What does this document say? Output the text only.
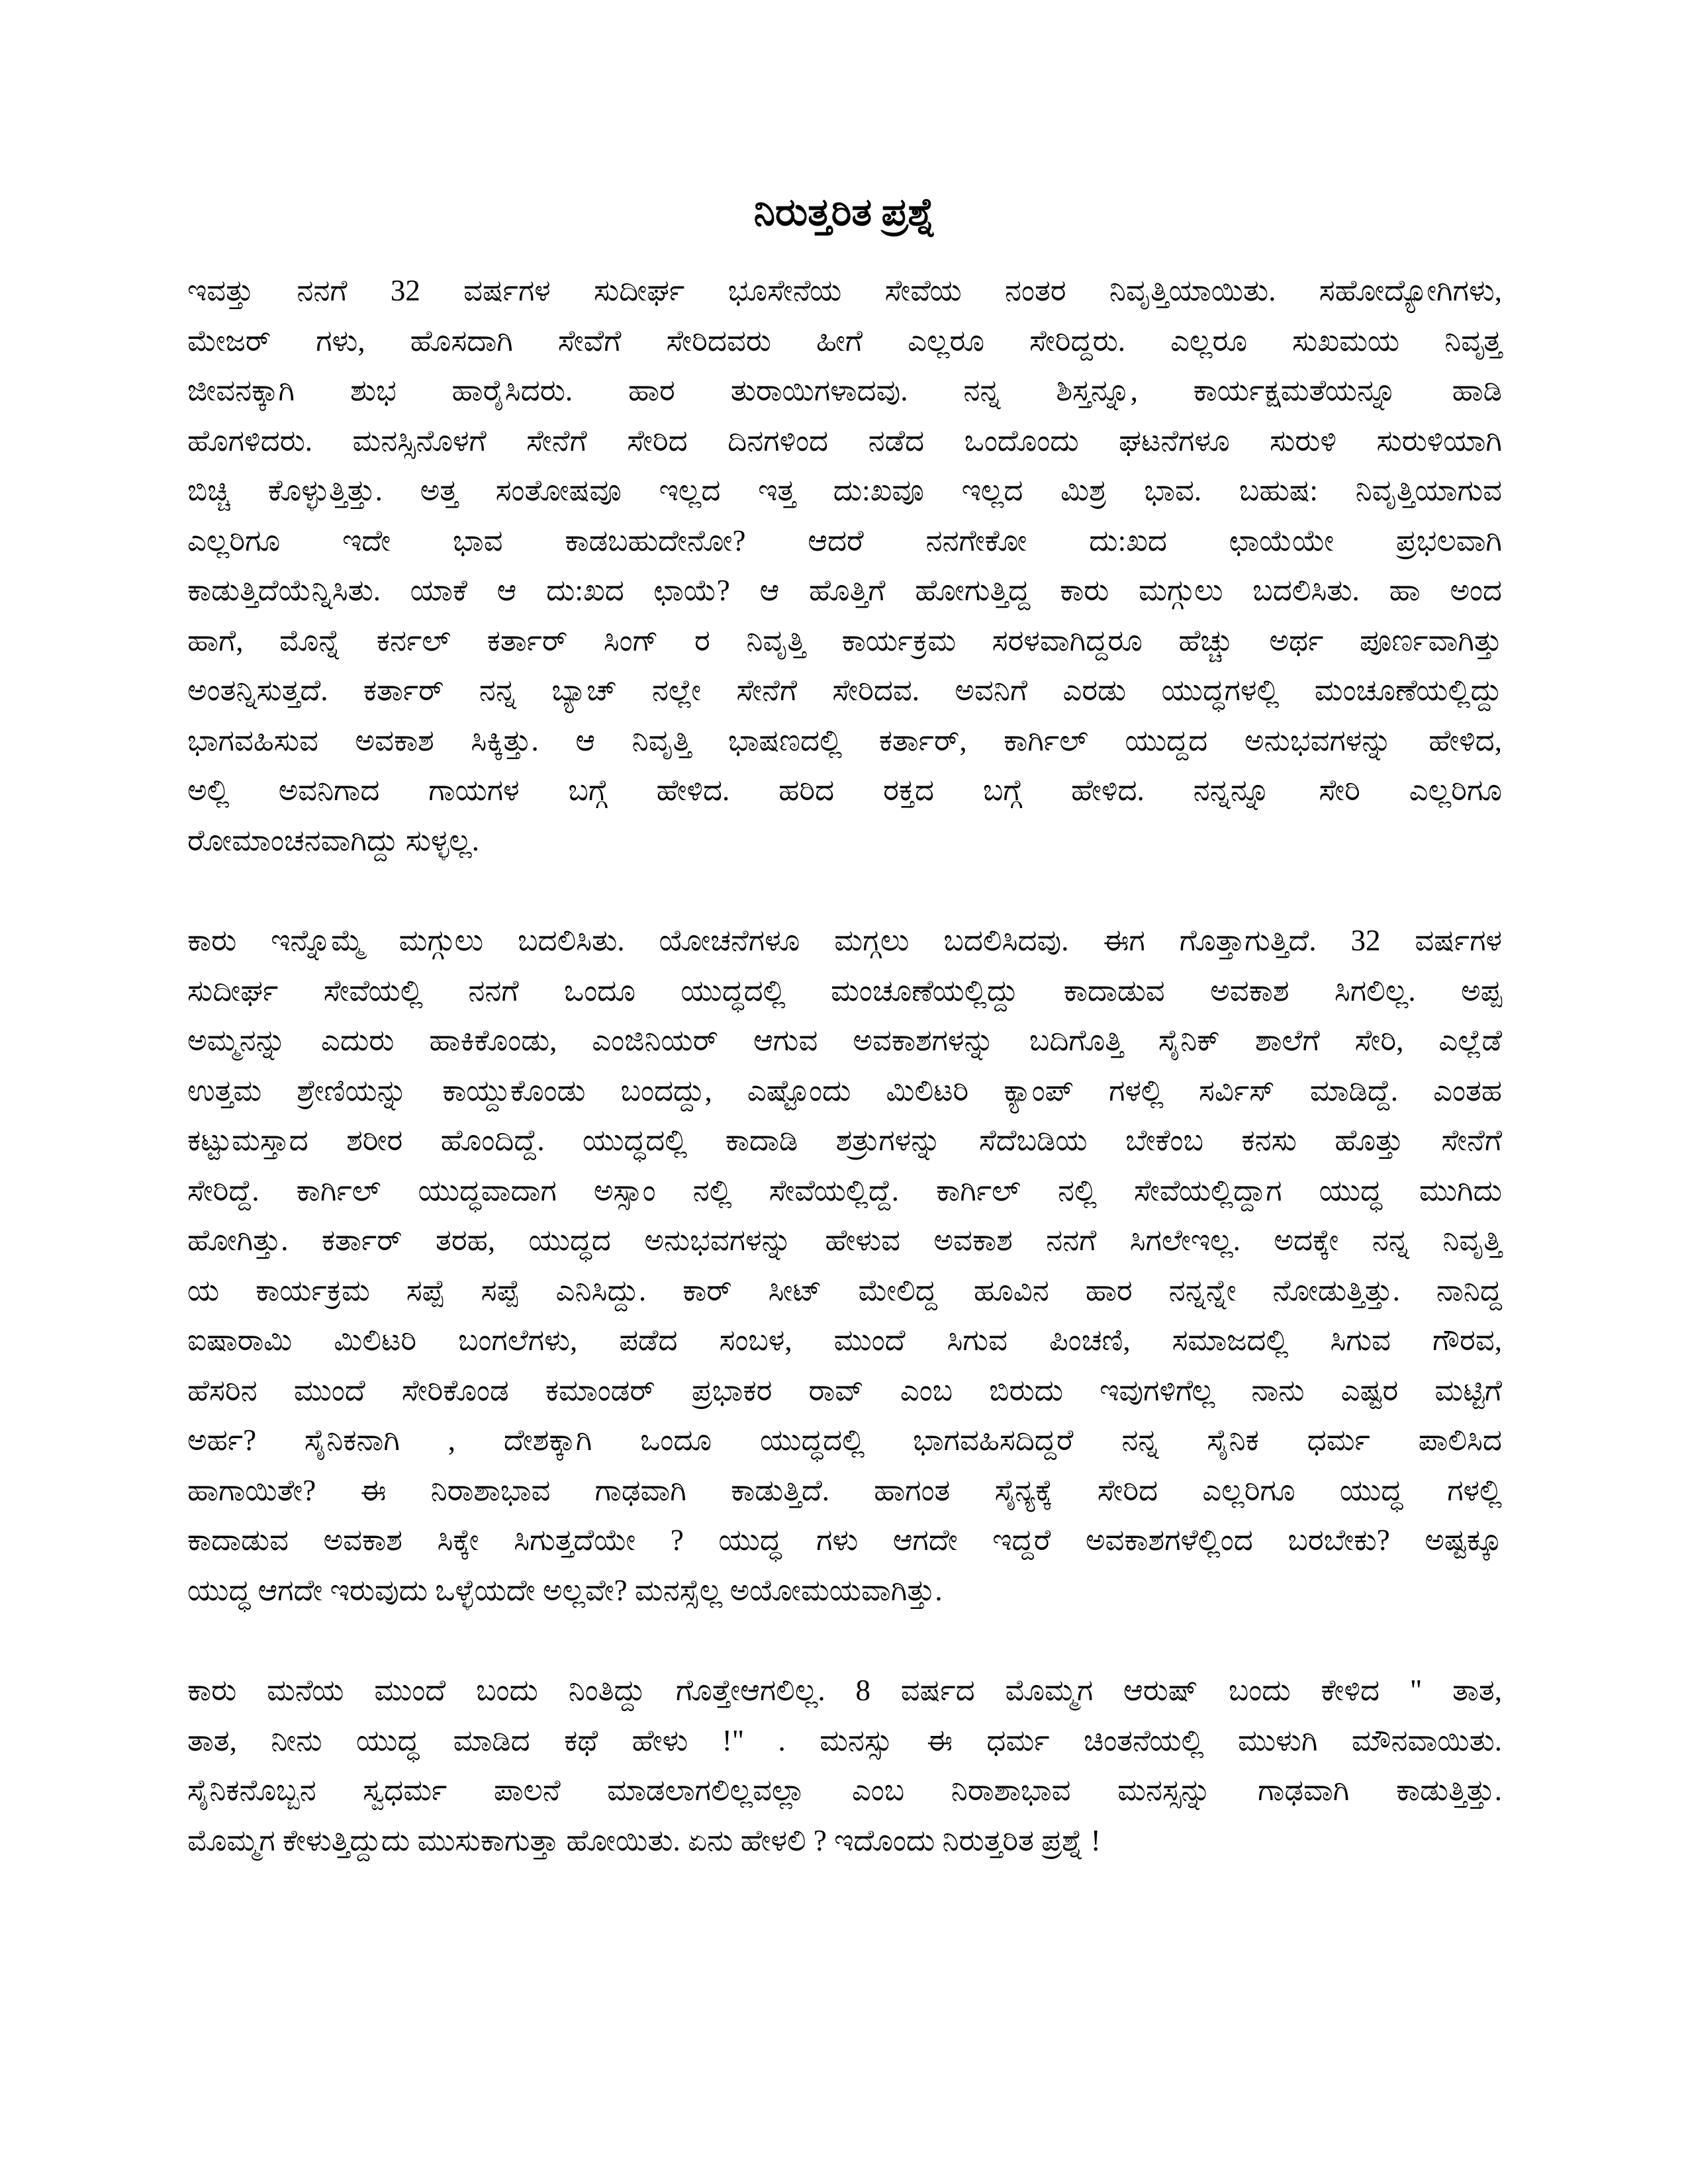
ನಿರುತ್ತರಿತ ಪ್ರಶ್ನೆ
ಇವತ್ತು ನನಗೆ 32 ವರ್ಷಗಳ ಸುದೀರ್ಘ ಭೂಸೇನೆಯ ಸೇವೆಯ ನಂತರ ನಿವೃತ್ತಿಯಾಯಿತು. ಸಹೋದ್ಯೋಗಿಗಳು,
ಮೇಜರ್ ಗಳು, ಹೊಸದಾಗಿ ಸೇವೆಗೆ ಸೇರಿದವರು ಹೀಗೆ ಎಲ್ಲರೂ ಸೇರಿದ್ದರು. ಎಲ್ಲರೂ ಸುಖಮಯ ನಿವೃತ್ತ
ಜೀವನಕ್ಕಾಗಿ ಶುಭ ಹಾರೈಸಿದರು. ಹಾರ ತುರಾಯಿಗಳಾದವು. ನನ್ನ ಶಿಸ್ತನ್ನೂ, ಕಾರ್ಯಕ್ಷಮತೆಯನ್ನೂ ಹಾಡಿ
ಹೊಗಳಿದರು. ಮನಸ್ಸಿನೊಳಗೆ ಸೇನೆಗೆ ಸೇರಿದ ದಿನಗಳಿಂದ ನಡೆದ ಒಂದೊಂದು ಘಟನೆಗಳೂ ಸುರುಳಿ ಸುರುಳಿಯಾಗಿ
ಬಿಚ್ಚಿ ಕೊಳ್ಳುತ್ತಿತ್ತು. ಅತ್ತ ಸಂತೋಷವೂ ಇಲ್ಲದ ಇತ್ತ ದು:ಖವೂ ಇಲ್ಲದ ಮಿಶ್ರ ಭಾವ. ಬಹುಷ: ನಿವೃತ್ತಿಯಾಗುವ
ಎಲ್ಲರಿಗೂ ಇದೇ ಭಾವ ಕಾಡಬಹುದೇನೋ? ಆದರೆ ನನಗೇಕೋ ದು:ಖದ ಛಾಯೆಯೇ ಪ್ರಭಲವಾಗಿ
ಕಾಡುತ್ತಿದೆಯೆನ್ನಿಸಿತು. ಯಾಕೆ ಆ ದು:ಖದ ಛಾಯೆ? ಆ ಹೊತ್ತಿಗೆ ಹೋಗುತ್ತಿದ್ದ ಕಾರು ಮಗ್ಗುಲು ಬದಲಿಸಿತು. ಹಾ ಅಂದ
ಹಾಗೆ, ಮೊನ್ನೆ ಕರ್ನಲ್ ಕರ್ತಾರ್ ಸಿಂಗ್ ರ ನಿವೃತ್ತಿ ಕಾರ್ಯಕ್ರಮ ಸರಳವಾಗಿದ್ದರೂ ಹೆಚ್ಚು ಅರ್ಥ ಪೂರ್ಣವಾಗಿತ್ತು
ಅಂತನ್ನಿಸುತ್ತದೆ. ಕರ್ತಾರ್ ನನ್ನ ಬ್ಯಾಚ್ ನಲ್ಲೇ ಸೇನೆಗೆ ಸೇರಿದವ. ಅವನಿಗೆ ಎರಡು ಯುದ್ಧಗಳಲ್ಲಿ ಮಂಚೂಣೆಯಲ್ಲಿದ್ದು
ಭಾಗವಹಿಸುವ ಅವಕಾಶ ಸಿಕ್ಕಿತ್ತು. ಆ ನಿವೃತ್ತಿ ಭಾಷಣದಲ್ಲಿ ಕರ್ತಾರ್, ಕಾರ್ಗಿಲ್ ಯುದ್ದದ ಅನುಭವಗಳನ್ನು ಹೇಳಿದ,
ಅಲ್ಲಿ ಅವನಿಗಾದ ಗಾಯಗಳ ಬಗ್ಗೆ ಹೇಳಿದ. ಹರಿದ ರಕ್ತದ ಬಗ್ಗೆ ಹೇಳಿದ. ನನ್ನನ್ನೂ ಸೇರಿ ಎಲ್ಲರಿಗೂ
ರೋಮಾಂಚನವಾಗಿದ್ದು ಸುಳ್ಳಲ್ಲ.
ಕಾರು ಇನ್ನೊಮ್ಮೆ ಮಗ್ಗುಲು ಬದಲಿಸಿತು. ಯೋಚನೆಗಳೂ ಮಗ್ಗಲು ಬದಲಿಸಿದವು. ಈಗ ಗೊತ್ತಾಗುತ್ತಿದೆ. 32 ವರ್ಷಗಳ
ಸುದೀರ್ಘ ಸೇವೆಯಲ್ಲಿ ನನಗೆ ಒಂದೂ ಯುದ್ಧದಲ್ಲಿ ಮಂಚೂಣೆಯಲ್ಲಿದ್ದು ಕಾದಾಡುವ ಅವಕಾಶ ಸಿಗಲಿಲ್ಲ. ಅಪ್ಪ
ಅಮ್ಮನನ್ನು ಎದುರು ಹಾಕಿಕೊಂಡು, ಎಂಜಿನಿಯರ್ ಆಗುವ ಅವಕಾಶಗಳನ್ನು ಬದಿಗೊತ್ತಿ ಸೈನಿಕ್ ಶಾಲೆಗೆ ಸೇರಿ, ಎಲ್ಲೆಡೆ
ಉತ್ತಮ ಶ್ರೇಣಿಯನ್ನು ಕಾಯ್ದುಕೊಂಡು ಬಂದದ್ದು, ಎಷ್ಟೊಂದು ಮಿಲಿಟರಿ ಕ್ಯಾಂಪ್ ಗಳಲ್ಲಿ ಸರ್ವಿಸ್ ಮಾಡಿದ್ದೆ. ಎಂತಹ
ಕಟ್ಟುಮಸ್ತಾದ ಶರೀರ ಹೊಂದಿದ್ದೆ. ಯುದ್ಧದಲ್ಲಿ ಕಾದಾಡಿ ಶತ್ರುಗಳನ್ನು ಸೆದೆಬಡಿಯ ಬೇಕೆಂಬ ಕನಸು ಹೊತ್ತು ಸೇನೆಗೆ
ಸೇರಿದ್ದೆ. ಕಾರ್ಗಿಲ್ ಯುದ್ಧವಾದಾಗ ಅಸ್ಸಾಂ ನಲ್ಲಿ ಸೇವೆಯಲ್ಲಿದ್ದೆ. ಕಾರ್ಗಿಲ್ ನಲ್ಲಿ ಸೇವೆಯಲ್ಲಿದ್ದಾಗ ಯುದ್ಧ ಮುಗಿದು
ಹೋಗಿತ್ತು. ಕರ್ತಾರ್ ತರಹ, ಯುದ್ಧದ ಅನುಭವಗಳನ್ನು ಹೇಳುವ ಅವಕಾಶ ನನಗೆ ಸಿಗಲೇಇಲ್ಲ. ಅದಕ್ಕೇ ನನ್ನ ನಿವೃತ್ತಿ
ಯ ಕಾರ್ಯಕ್ರಮ ಸಪ್ಪೆ ಸಪ್ಪೆ ಎನಿಸಿದ್ದು. ಕಾರ್ ಸೀಟ್ ಮೇಲಿದ್ದ ಹೂವಿನ ಹಾರ ನನ್ನನ್ನೇ ನೋಡುತ್ತಿತ್ತು. ನಾನಿದ್ದ
ಐಷಾರಾಮಿ ಮಿಲಿಟರಿ ಬಂಗಲೆಗಳು, ಪಡೆದ ಸಂಬಳ, ಮುಂದೆ ಸಿಗುವ ಪಿಂಚಣಿ, ಸಮಾಜದಲ್ಲಿ ಸಿಗುವ ಗೌರವ,
ಹೆಸರಿನ ಮುಂದೆ ಸೇರಿಕೊಂಡ ಕಮಾಂಡರ್ ಪ್ರಭಾಕರ ರಾವ್ ಎಂಬ ಬಿರುದು ಇವುಗಳಿಗೆಲ್ಲ ನಾನು ಎಷ್ಟರ ಮಟ್ಟಿಗೆ
ಅರ್ಹ? ಸೈನಿಕನಾಗಿ , ದೇಶಕ್ಕಾಗಿ ಒಂದೂ ಯುದ್ಧದಲ್ಲಿ ಭಾಗವಹಿಸದಿದ್ದರೆ ನನ್ನ ಸೈನಿಕ ಧರ್ಮ ಪಾಲಿಸಿದ
ಹಾಗಾಯಿತೇ? ಈ ನಿರಾಶಾಭಾವ ಗಾಢವಾಗಿ ಕಾಡುತ್ತಿದೆ. ಹಾಗಂತ ಸೈನ್ಯಕ್ಕೆ ಸೇರಿದ ಎಲ್ಲರಿಗೂ ಯುದ್ಧ ಗಳಲ್ಲಿ
ಕಾದಾಡುವ ಅವಕಾಶ ಸಿಕ್ಕೇ ಸಿಗುತ್ತದೆಯೇ ? ಯುದ್ಧ ಗಳು ಆಗದೇ ಇದ್ದರೆ ಅವಕಾಶಗಳೆಲ್ಲಿಂದ ಬರಬೇಕು? ಅಷ್ಟಕ್ಕೂ
ಯುದ್ಧ ಆಗದೇ ಇರುವುದು ಒಳ್ಳೆಯದೇ ಅಲ್ಲವೇ? ಮನಸ್ಸೆಲ್ಲ ಅಯೋಮಯವಾಗಿತ್ತು.
ಕಾರು ಮನೆಯ ಮುಂದೆ ಬಂದು ನಿಂತಿದ್ದು ಗೊತ್ತೇಆಗಲಿಲ್ಲ. 8 ವರ್ಷದ ಮೊಮ್ಮಗ ಆರುಷ್ ಬಂದು ಕೇಳಿದ " ತಾತ,
ತಾತ, ನೀನು ಯುದ್ಧ ಮಾಡಿದ ಕಥೆ ಹೇಳು !" . ಮನಸ್ಸು ಈ ಧರ್ಮ ಚಿಂತನೆಯಲ್ಲಿ ಮುಳುಗಿ ಮೌನವಾಯಿತು.
ಸೈನಿಕನೊಬ್ಬನ ಸ್ವಧರ್ಮ ಪಾಲನೆ ಮಾಡಲಾಗಲಿಲ್ಲವಲ್ಲಾ ಎಂಬ ನಿರಾಶಾಭಾವ ಮನಸ್ಸನ್ನು ಗಾಢವಾಗಿ ಕಾಡುತ್ತಿತ್ತು.
ಮೊಮ್ಮಗ ಕೇಳುತ್ತಿದ್ದುದು ಮುಸುಕಾಗುತ್ತಾ ಹೋಯಿತು. ಏನು ಹೇಳಲಿ ? ಇದೊಂದು ನಿರುತ್ತರಿತ ಪ್ರಶ್ನೆ !
